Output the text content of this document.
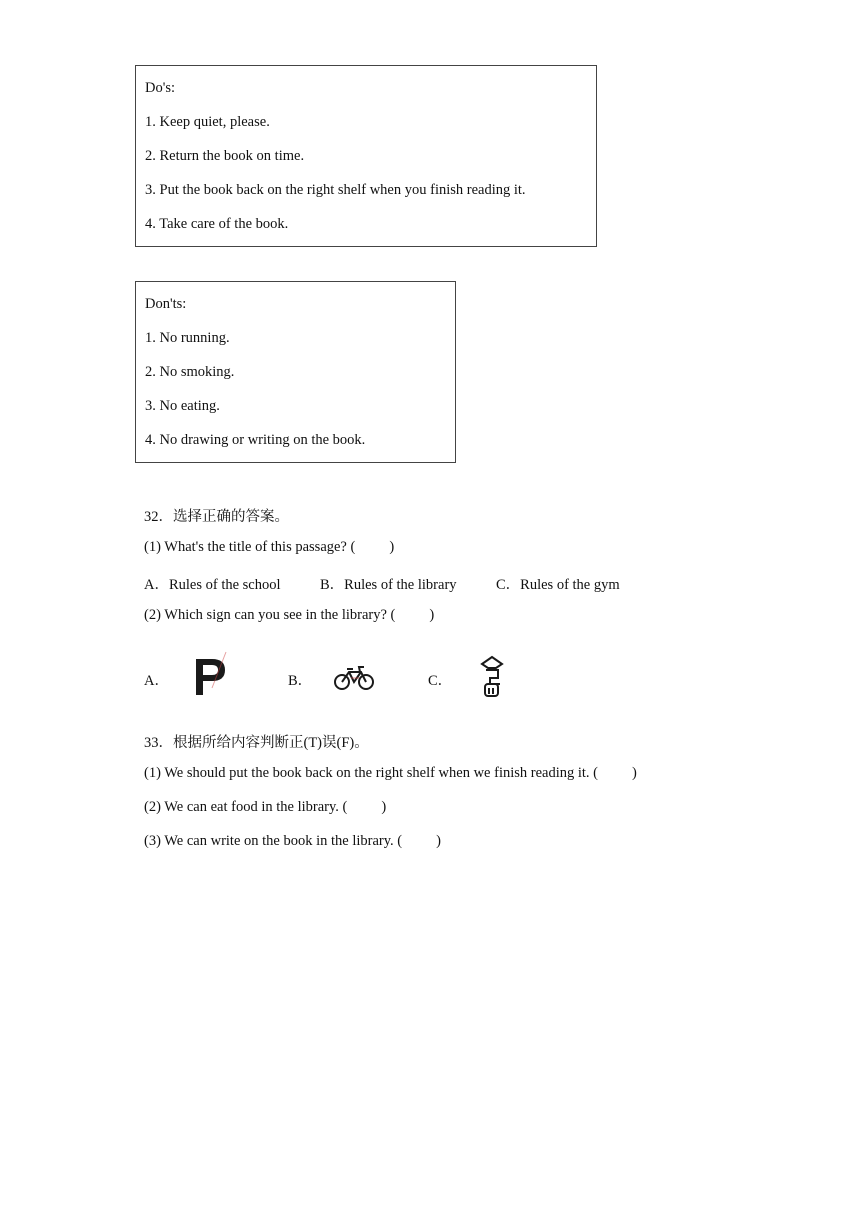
Do's:
1. Keep quiet, please.
2. Return the book on time.
3. Put the book back on the right shelf when you finish reading it.
4. Take care of the book.
Don'ts:
1. No running.
2. No smoking.
3. No eating.
4. No drawing or writing on the book.
32．选择正确的答案。
(1) What's the title of this passage? ( )
A．Rules of the school	B．Rules of the library	C．Rules of the gym
(2) Which sign can you see in the library? ( )
A．	B．	C．
33．根据所给内容判断正(T)误(F)。
(1) We should put the book back on the right shelf when we finish reading it. ( )
(2) We can eat food in the library. ( )
(3) We can write on the book in the library. ( )
